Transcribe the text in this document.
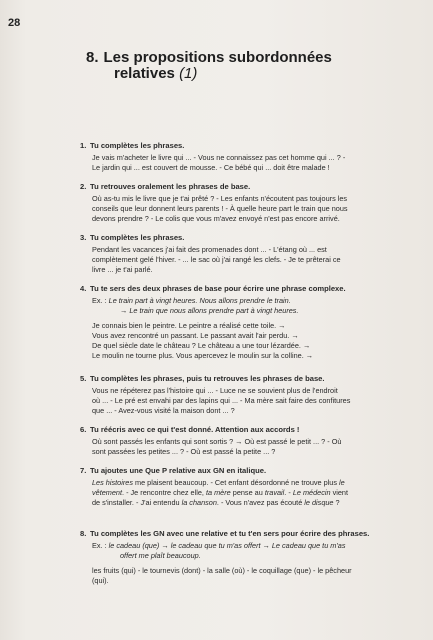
28
8. Les propositions subordonnées
relatives (1)
1. Tu complètes les phrases.

Je vais m'acheter le livre qui ... - Vous ne connaissez pas cet homme qui ... ? -

Le jardin qui ... est couvert de mousse. - Ce bébé qui ... doit être malade !

2. Tu retrouves oralement les phrases de base.

Où as-tu mis le livre que je t'ai prêté ? - Les enfants n'écoutent pas toujours les

conseils que leur donnent leurs parents ! - À quelle heure part le train que nous

devons prendre ? - Le colis que vous m'avez envoyé n'est pas encore arrivé.

3. Tu complètes les phrases.

Pendant les vacances j'ai fait des promenades dont ... - L'étang où ... est

complètement gelé l'hiver. - ... le sac où j'ai rangé les clefs. - Je te prêterai ce

livre ... je t'ai parlé.

4. Tu te sers des deux phrases de base pour écrire une phrase complexe.

Ex. : Le train part à vingt heures. Nous allons prendre le train.

→ Le train que nous allons prendre part à vingt heures.

Je connais bien le peintre. Le peintre a réalisé cette toile. →

Vous avez rencontré un passant. Le passant avait l'air perdu. →

De quel siècle date le château ? Le château a une tour lézardée. →

Le moulin ne tourne plus. Vous apercevez le moulin sur la colline. →

5. Tu complètes les phrases, puis tu retrouves les phrases de base.

Vous ne répéterez pas l'histoire qui ... - Luce ne se souvient plus de l'endroit

où ... - Le pré est envahi par des lapins qui ... - Ma mère sait faire des confitures

que ... - Avez-vous visité la maison dont ... ?

6. Tu réécris avec ce qui t'est donné. Attention aux accords !

Où sont passés les enfants qui sont sortis ? → Où est passé le petit ... ? - Où

sont passées les petites ... ? - Où est passé la petite ... ?

7. Tu ajoutes une Que P relative aux GN en italique.

Les histoires me plaisent beaucoup. - Cet enfant désordonné ne trouve plus le

vêtement. - Je rencontre chez elle, ta mère pense au travail. - Le médecin vient

de s'installer. - J'ai entendu la chanson. - Vous n'avez pas écouté le disque ?

8. Tu complètes les GN avec une relative et tu t'en sers pour écrire des phrases.

Ex. : le cadeau (que) → le cadeau que tu m'as offert → Le cadeau que tu m'as

offert me plaît beaucoup.

les fruits (qui) - le tournevis (dont) - la salle (où) - le coquillage (que) - le pêcheur

(qui).
